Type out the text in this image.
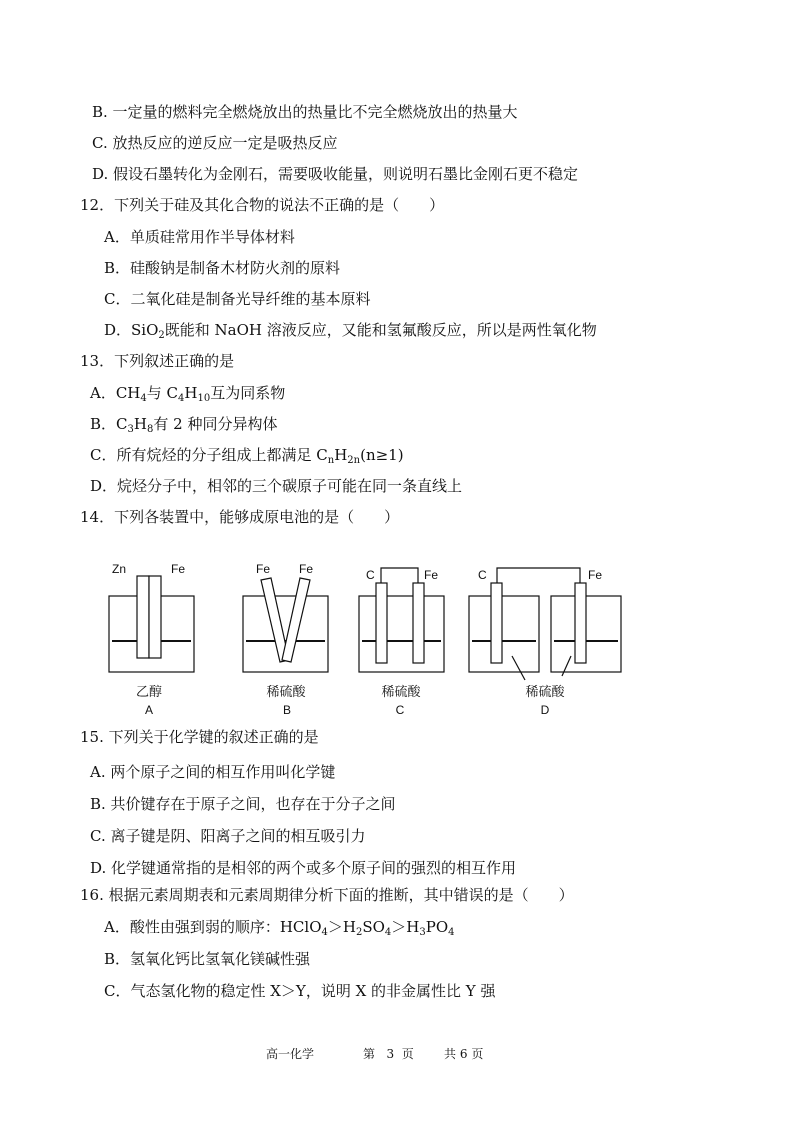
B. 一定量的燃料完全燃烧放出的热量比不完全燃烧放出的热量大
C. 放热反应的逆反应一定是吸热反应
D. 假设石墨转化为金刚石，需要吸收能量，则说明石墨比金刚石更不稳定
12．下列关于硅及其化合物的说法不正确的是（　　）
A．单质硅常用作半导体材料
B．硅酸钠是制备木材防火剂的原料
C．二氧化硅是制备光导纤维的基本原料
D．SiO$_2$既能和 NaOH 溶液反应，又能和氢氟酸反应，所以是两性氧化物
13．下列叙述正确的是
A．$CH_4$与 $C_4H_{10}$互为同系物
B．$C_3H_8$有 2 种同分异构体
C．所有烷烃的分子组成上都满足 $C_nH_{2n}(n\ge 1)$
D．烷烃分子中，相邻的三个碳原子可能在同一条直线上
14．下列各装置中，能够成原电池的是（　　）
Zn	Fe	Fe Fe	C	Fe	C	Fe
乙醇	稀硫酸	稀硫酸	稀硫酸
A	B	C	D
15. 下列关于化学键的叙述正确的是
A. 两个原子之间的相互作用叫化学键
B. 共价键存在于原子之间，也存在于分子之间
C. 离子键是阴、阳离子之间的相互吸引力
D. 化学键通常指的是相邻的两个或多个原子间的强烈的相互作用
16. 根据元素周期表和元素周期律分析下面的推断，其中错误的是（　　）
A．酸性由强到弱的顺序：$HClO_4>H_2SO_4>H_3PO_4$
B．氢氧化钙比氢氧化镁碱性强
C．气态氢化物的稳定性 X＞Y，说明 X 的非金属性比 Y 强
高一化学	第 3 页	共 6 页
